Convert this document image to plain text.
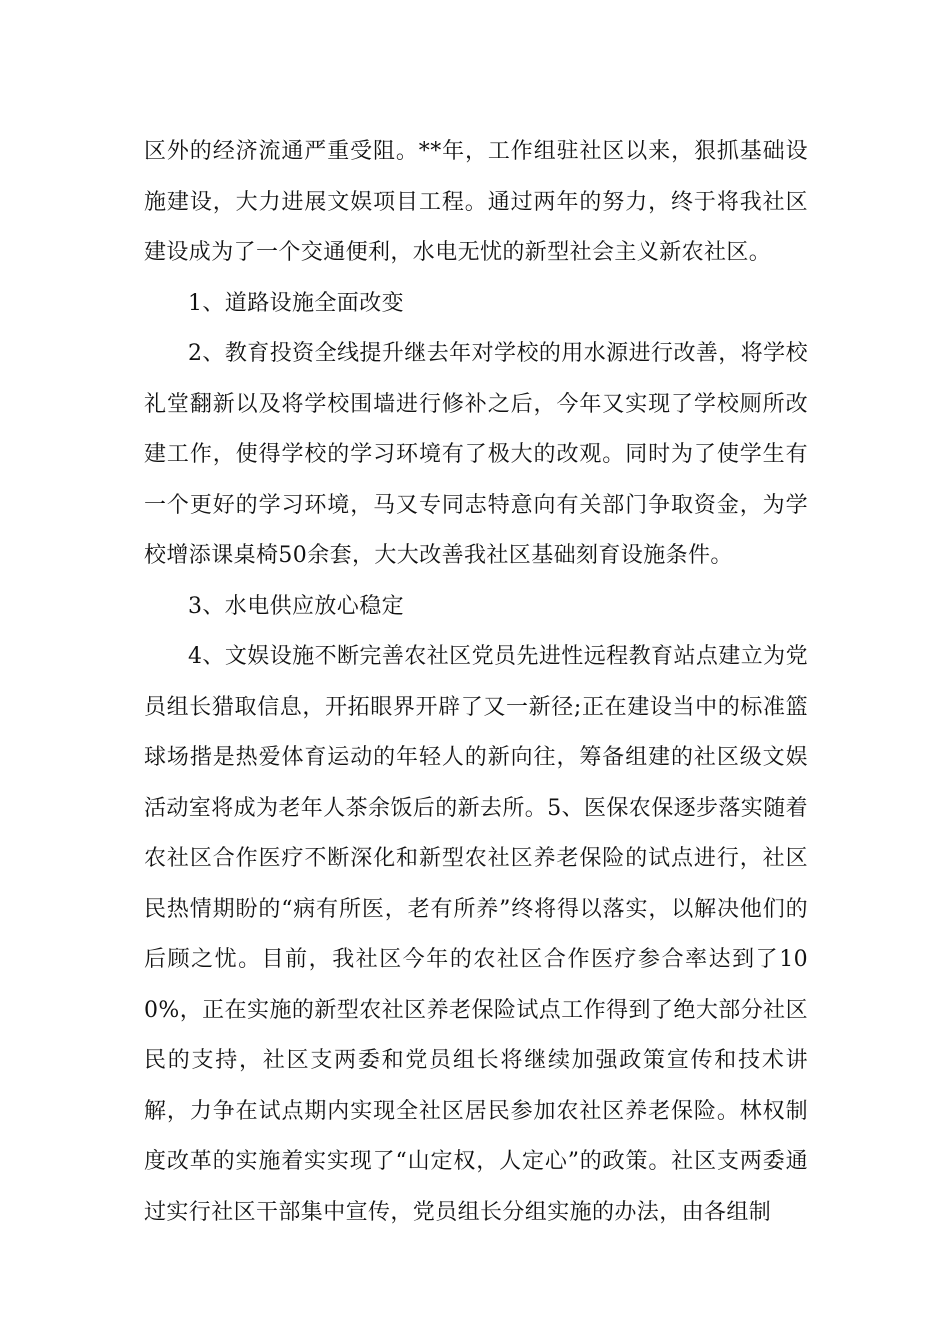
区外的经济流通严重受阻。**年，工作组驻社区以来，狠抓基础设施建设，大力进展文娱项目工程。通过两年的努力，终于将我社区建设成为了一个交通便利，水电无忧的新型社会主义新农社区。

1、道路设施全面改变

2、教育投资全线提升继去年对学校的用水源进行改善，将学校礼堂翻新以及将学校围墙进行修补之后，今年又实现了学校厕所改建工作，使得学校的学习环境有了极大的改观。同时为了使学生有一个更好的学习环境，马又专同志特意向有关部门争取资金，为学校增添课桌椅50余套，大大改善我社区基础刻育设施条件。

3、水电供应放心稳定

4、文娱设施不断完善农社区党员先进性远程教育站点建立为党员组长猎取信息，开拓眼界开辟了又一新径;正在建设当中的标准篮球场揩是热爱体育运动的年轻人的新向往，筹备组建的社区级文娱活动室将成为老年人茶余饭后的新去所。5、医保农保逐步落实随着农社区合作医疗不断深化和新型农社区养老保险的试点进行，社区民热情期盼的“病有所医，老有所养”终将得以落实，以解决他们的后顾之忧。目前，我社区今年的农社区合作医疗参合率达到了100%，正在实施的新型农社区养老保险试点工作得到了绝大部分社区民的支持，社区支两委和党员组长将继续加强政策宣传和技术讲解，力争在试点期内实现全社区居民参加农社区养老保险。林权制度改革的实施着实实现了“山定权，人定心”的政策。社区支两委通过实行社区干部集中宣传，党员组长分组实施的办法，由各组制
